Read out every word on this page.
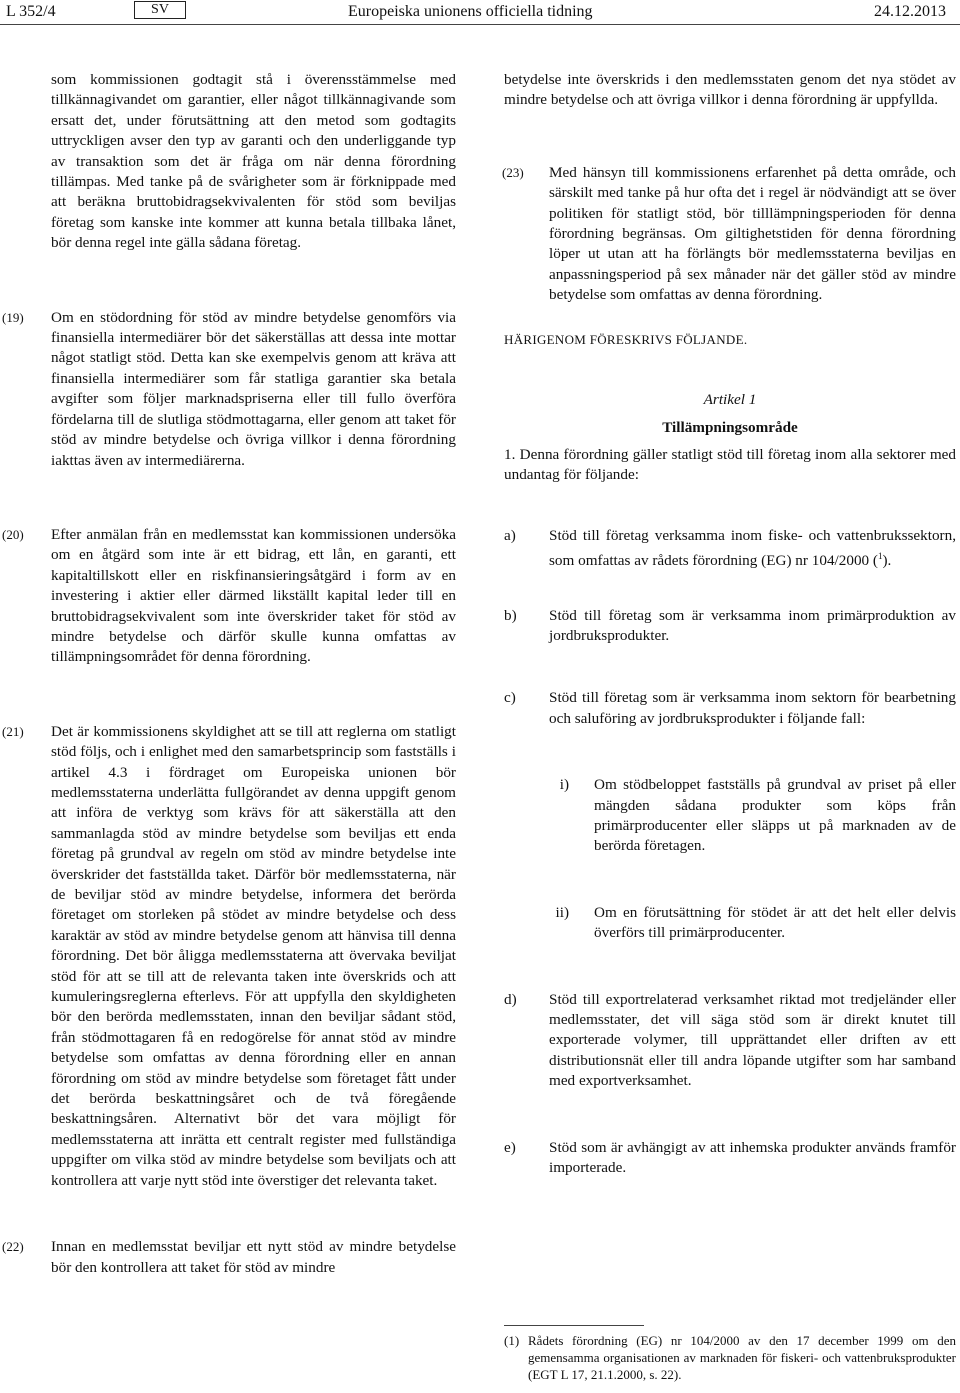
L 352/4	SV	Europeiska unionens officiella tidning	24.12.2013

som kommissionen godtagit stå i överensstämmelse med tillkännagivandet om garantier, eller något tillkännagivande som ersatt det, under förutsättning att den metod som godtagits uttryckligen avser den typ av garanti och den underliggande typ av transaktion som det är fråga om när denna förordning tillämpas. Med tanke på de svårigheter som är förknippade med att beräkna bruttobidragsekvivalenten för stöd som beviljas företag som kanske inte kommer att kunna betala tillbaka lånet, bör denna regel inte gälla sådana företag.

(19) Om en stödordning för stöd av mindre betydelse genomförs via finansiella intermediärer bör det säkerställas att dessa inte mottar något statligt stöd. Detta kan ske exempelvis genom att kräva att finansiella intermediärer som får statliga garantier ska betala avgifter som följer marknadspriserna eller till fullo överföra fördelarna till de slutliga stödmottagarna, eller genom att taket för stöd av mindre betydelse och övriga villkor i denna förordning iakttas även av intermediärerna.

(20) Efter anmälan från en medlemsstat kan kommissionen undersöka om en åtgärd som inte är ett bidrag, ett lån, en garanti, ett kapitaltillskott eller en riskfinansieringsåtgärd i form av en investering i aktier eller därmed likställt kapital leder till en bruttobidragsekvivalent som inte överskrider taket för stöd av mindre betydelse och därför skulle kunna omfattas av tillämpningsområdet för denna förordning.

(21) Det är kommissionens skyldighet att se till att reglerna om statligt stöd följs, och i enlighet med den samarbetsprincip som fastställs i artikel 4.3 i fördraget om Europeiska unionen bör medlemsstaterna underlätta fullgörandet av denna uppgift genom att införa de verktyg som krävs för att säkerställa att den sammanlagda stöd av mindre betydelse som beviljas ett enda företag på grundval av regeln om stöd av mindre betydelse inte överskrider det fastställda taket. Därför bör medlemsstaterna, när de beviljar stöd av mindre betydelse, informera det berörda företaget om storleken på stödet av mindre betydelse och dess karaktär av stöd av mindre betydelse genom att hänvisa till denna förordning. Det bör åligga medlemsstaterna att övervaka beviljat stöd för att se till att de relevanta taken inte överskrids och att kumuleringsreglerna efterlevs. För att uppfylla den skyldigheten bör den berörda medlemsstaten, innan den beviljar sådant stöd, från stödmottagaren få en redogörelse för annat stöd av mindre betydelse som omfattas av denna förordning eller en annan förordning om stöd av mindre betydelse som företaget fått under det berörda beskattningsåret och de två föregående beskattningsåren. Alternativt bör det vara möjligt för medlemsstaterna att inrätta ett centralt register med fullständiga uppgifter om vilka stöd av mindre betydelse som beviljats och att kontrollera att varje nytt stöd inte överstiger det relevanta taket.

(22) Innan en medlemsstat beviljar ett nytt stöd av mindre betydelse bör den kontrollera att taket för stöd av mindre

betydelse inte överskrids i den medlemsstaten genom det nya stödet av mindre betydelse och att övriga villkor i denna förordning är uppfyllda.

(23) Med hänsyn till kommissionens erfarenhet på detta område, och särskilt med tanke på hur ofta det i regel är nödvändigt att se över politiken för statligt stöd, bör tilllämpningsperioden för denna förordning begränsas. Om giltighetstiden för denna förordning löper ut utan att ha förlängts bör medlemsstaterna beviljas en anpassningsperiod på sex månader när det gäller stöd av mindre betydelse som omfattas av denna förordning.

HÄRIGENOM FÖRESKRIVS FÖLJANDE.

Artikel 1

Tillämpningsområde

1. Denna förordning gäller statligt stöd till företag inom alla sektorer med undantag för följande:

a) Stöd till företag verksamma inom fiske- och vattenbrukssektorn, som omfattas av rådets förordning (EG) nr 104/2000 ($^1$).

b) Stöd till företag som är verksamma inom primärproduktion av jordbruksprodukter.

c) Stöd till företag som är verksamma inom sektorn för bearbetning och saluföring av jordbruksprodukter i följande fall:

i) Om stödbeloppet fastställs på grundval av priset på eller mängden sådana produkter som köps från primärproducenter eller släpps ut på marknaden av de berörda företagen.

ii) Om en förutsättning för stödet är att det helt eller delvis överförs till primärproducenter.

d) Stöd till exportrelaterad verksamhet riktad mot tredjeländer eller medlemsstater, det vill säga stöd som är direkt knutet till exporterade volymer, till upprättandet eller driften av ett distributionsnät eller till andra löpande utgifter som har samband med exportverksamhet.

e) Stöd som är avhängigt av att inhemska produkter används framför importerade.

(1) Rådets förordning (EG) nr 104/2000 av den 17 december 1999 om den gemensamma organisationen av marknaden för fiskeri- och vattenbruksprodukter (EGT L 17, 21.1.2000, s. 22).
